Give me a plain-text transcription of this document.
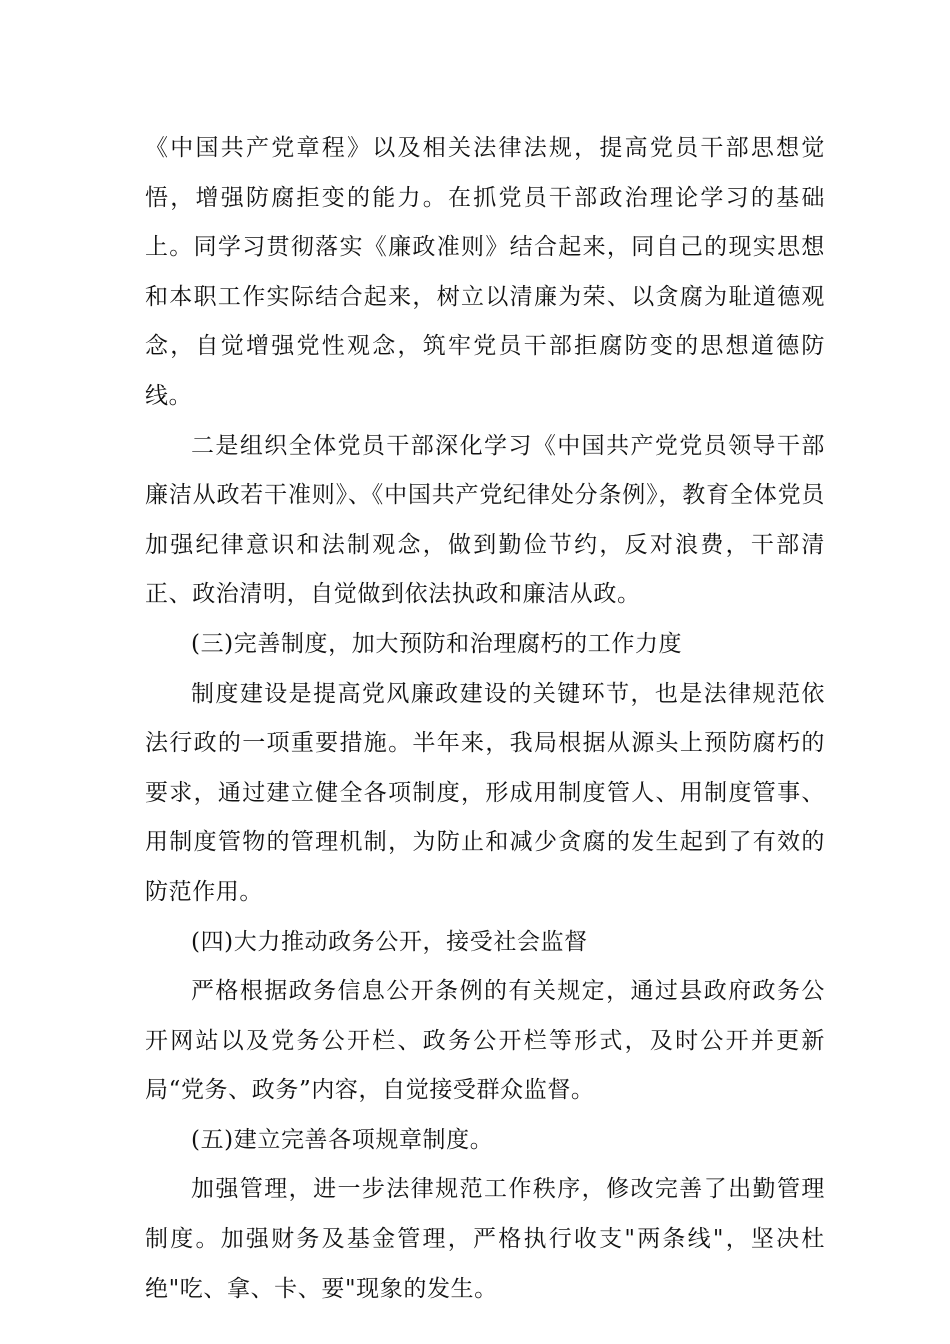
《中国共产党章程》以及相关法律法规，提高党员干部思想觉悟，增强防腐拒变的能力。在抓党员干部政治理论学习的基础上。同学习贯彻落实《廉政准则》结合起来，同自己的现实思想和本职工作实际结合起来，树立以清廉为荣、以贪腐为耻道德观念，自觉增强党性观念，筑牢党员干部拒腐防变的思想道德防线。

二是组织全体党员干部深化学习《中国共产党党员领导干部廉洁从政若干准则》、《中国共产党纪律处分条例》，教育全体党员加强纪律意识和法制观念，做到勤俭节约，反对浪费，干部清正、政治清明，自觉做到依法执政和廉洁从政。

(三)完善制度，加大预防和治理腐朽的工作力度

制度建设是提高党风廉政建设的关键环节，也是法律规范依法行政的一项重要措施。半年来，我局根据从源头上预防腐朽的要求，通过建立健全各项制度，形成用制度管人、用制度管事、用制度管物的管理机制，为防止和减少贪腐的发生起到了有效的防范作用。

(四)大力推动政务公开，接受社会监督

严格根据政务信息公开条例的有关规定，通过县政府政务公开网站以及党务公开栏、政务公开栏等形式，及时公开并更新局“党务、政务”内容，自觉接受群众监督。

(五)建立完善各项规章制度。

加强管理，进一步法律规范工作秩序，修改完善了出勤管理制度。加强财务及基金管理，严格执行收支"两条线"，坚决杜绝"吃、拿、卡、要"现象的发生。
